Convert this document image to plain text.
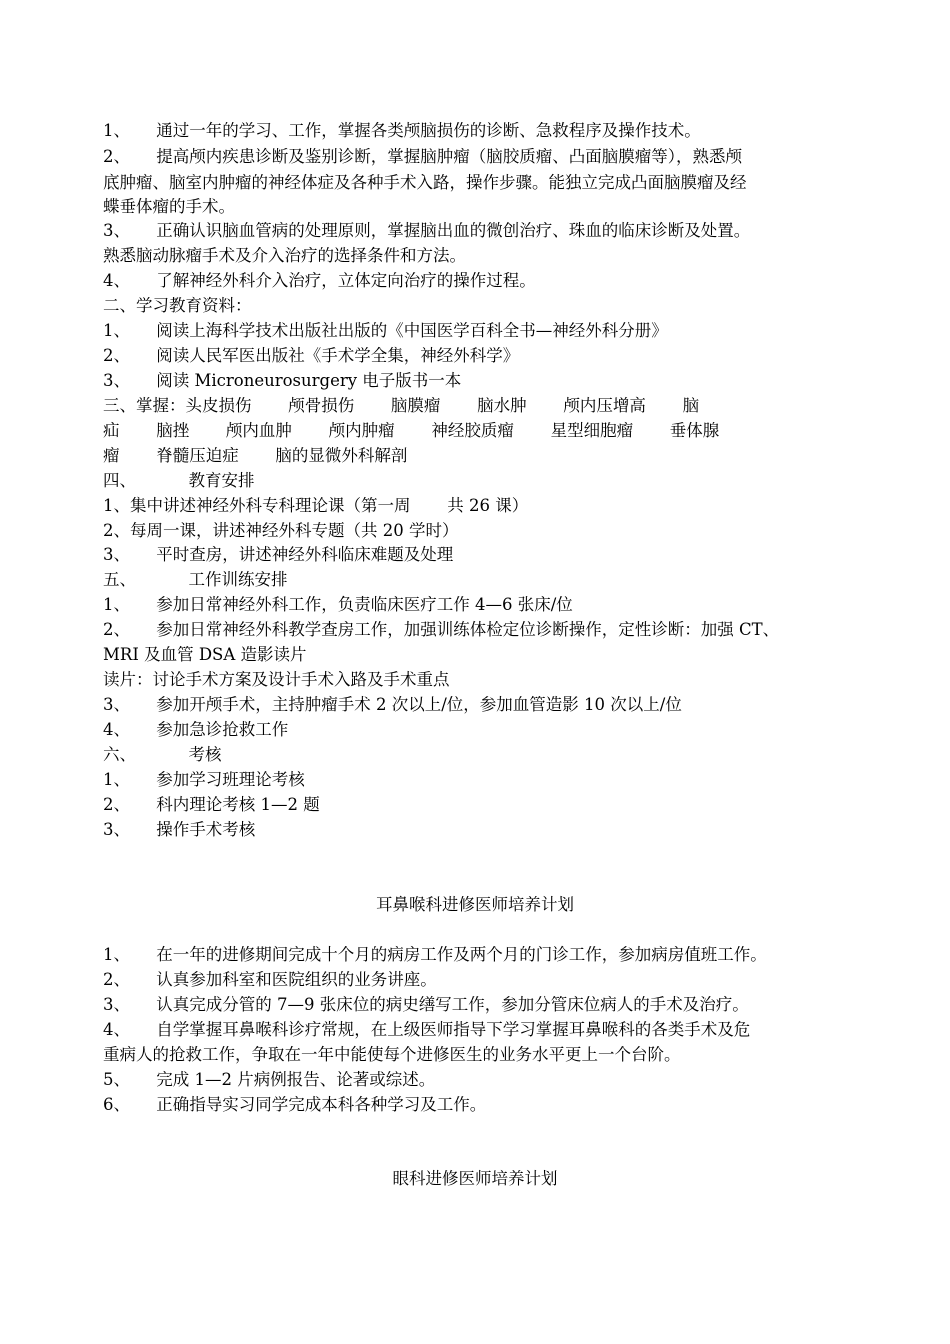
1、     通过一年的学习、工作，掌握各类颅脑损伤的诊断、急救程序及操作技术。

2、     提高颅内疾患诊断及鉴别诊断，掌握脑肿瘤（脑胶质瘤、凸面脑膜瘤等），熟悉颅

底肿瘤、脑室内肿瘤的神经体症及各种手术入路，操作步骤。能独立完成凸面脑膜瘤及经

蝶垂体瘤的手术。

3、     正确认识脑血管病的处理原则，掌握脑出血的微创治疗、珠血的临床诊断及处置。

熟悉脑动脉瘤手术及介入治疗的选择条件和方法。

4、     了解神经外科介入治疗，立体定向治疗的操作过程。

二、学习教育资料：

1、     阅读上海科学技术出版社出版的《中国医学百科全书—神经外科分册》

2、     阅读人民军医出版社《手术学全集，神经外科学》

3、     阅读 Microneurosurgery 电子版书一本

三、掌握：头皮损伤       颅骨损伤       脑膜瘤       脑水肿       颅内压增高       脑

疝       脑挫       颅内血肿       颅内肿瘤       神经胶质瘤       星型细胞瘤       垂体腺

瘤       脊髓压迫症       脑的显微外科解剖

四、          教育安排

1、集中讲述神经外科专科理论课（第一周       共 26 课）

2、每周一课，讲述神经外科专题（共 20 学时）

3、     平时查房，讲述神经外科临床难题及处理

五、          工作训练安排

1、     参加日常神经外科工作，负责临床医疗工作 4—6 张床/位

2、     参加日常神经外科教学查房工作，加强训练体检定位诊断操作，定性诊断：加强 CT、

MRI 及血管 DSA 造影读片

读片：讨论手术方案及设计手术入路及手术重点

3、     参加开颅手术，主持肿瘤手术 2 次以上/位，参加血管造影 10 次以上/位

4、     参加急诊抢救工作

六、          考核

1、     参加学习班理论考核

2、     科内理论考核 1—2 题

3、     操作手术考核

耳鼻喉科进修医师培养计划

1、     在一年的进修期间完成十个月的病房工作及两个月的门诊工作，参加病房值班工作。

2、     认真参加科室和医院组织的业务讲座。

3、     认真完成分管的 7—9 张床位的病史缮写工作，参加分管床位病人的手术及治疗。

4、     自学掌握耳鼻喉科诊疗常规，在上级医师指导下学习掌握耳鼻喉科的各类手术及危

重病人的抢救工作，争取在一年中能使每个进修医生的业务水平更上一个台阶。

5、     完成 1—2 片病例报告、论著或综述。

6、     正确指导实习同学完成本科各种学习及工作。

眼科进修医师培养计划
